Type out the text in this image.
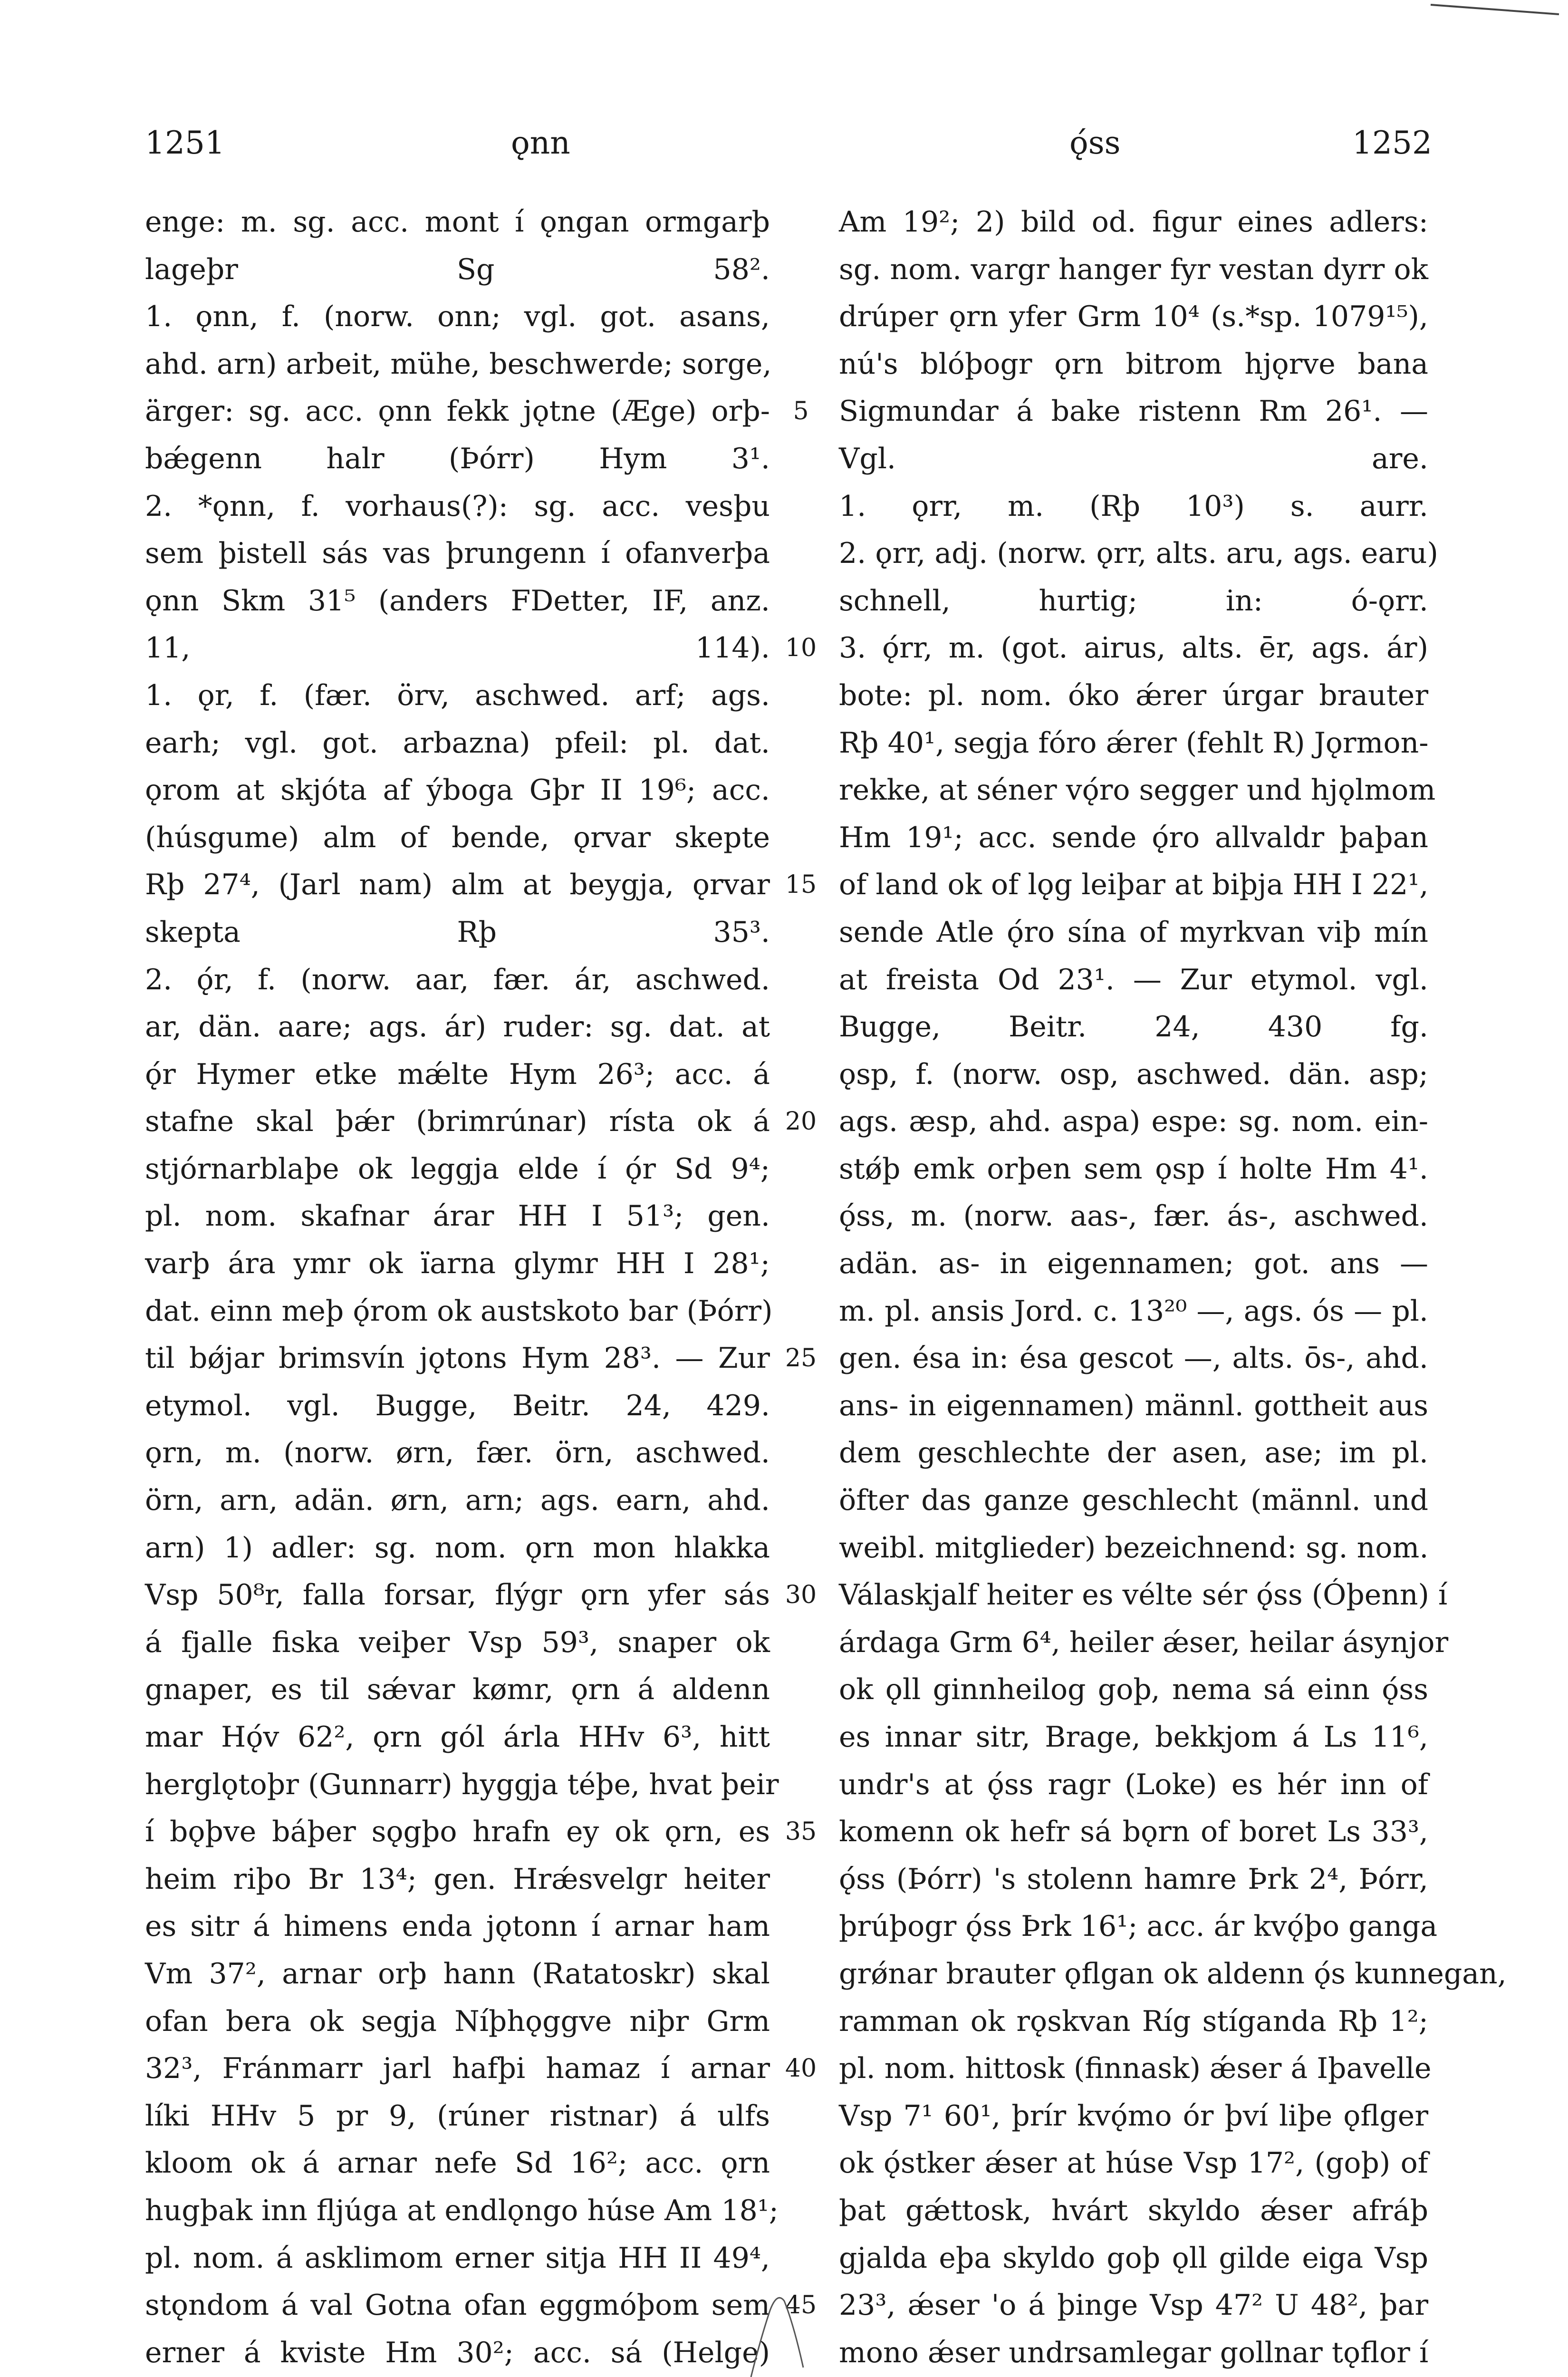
1251	ǫnn	ǫ́ss	1252
enge: m. sg. acc. mont í ǫngan ormgarþ
lageþr Sg 58².
1. ǫnn, f. (norw. onn; vgl. got. asans,
ahd. arn) arbeit, mühe, beschwerde; sorge,
ärger: sg. acc. ǫnn fekk jǫtne (Æge) orþ-
bǽgenn halr (Þórr) Hym 3¹.
2. *ǫnn, f. vorhaus(?): sg. acc. vesþu
sem þistell sás vas þrungenn í ofanverþa
ǫnn Skm 31⁵ (anders FDetter, IF, anz.
11, 114).
1. ǫr, f. (fær. örv, aschwed. arf; ags.
earh; vgl. got. arbazna) pfeil: pl. dat.
ǫrom at skjóta af ýboga Gþr II 19⁶; acc.
(húsgume) alm of bende, ǫrvar skepte
Rþ 27⁴, (Jarl nam) alm at beygja, ǫrvar
skepta Rþ 35³.
2. ǫ́r, f. (norw. aar, fær. ár, aschwed.
ar, dän. aare; ags. ár) ruder: sg. dat. at
ǫ́r Hymer etke mǽlte Hym 26³; acc. á
stafne skal þǽr (brimrúnar) rísta ok á
stjórnarblaþe ok leggja elde í ǫ́r Sd 9⁴;
pl. nom. skafnar árar HH I 51³; gen.
varþ ára ymr ok ïarna glymr HH I 28¹;
dat. einn meþ ǫ́rom ok austskoto bar (Þórr)
til bǿjar brimsvín jǫtons Hym 28³. — Zur
etymol. vgl. Bugge, Beitr. 24, 429.
ǫrn, m. (norw. ørn, fær. örn, aschwed.
örn, arn, adän. ørn, arn; ags. earn, ahd.
arn) 1) adler: sg. nom. ǫrn mon hlakka
Vsp 50⁸r, falla forsar, flýgr ǫrn yfer sás
á fjalle fiska veiþer Vsp 59³, snaper ok
gnaper, es til sǽvar kømr, ǫrn á aldenn
mar Hǫ́v 62², ǫrn gól árla HHv 6³, hitt
herglǫtoþr (Gunnarr) hyggja téþe, hvat þeir
í bǫþve báþer sǫgþo hrafn ey ok ǫrn, es
heim riþo Br 13⁴; gen. Hrǽsvelgr heiter
es sitr á himens enda jǫtonn í arnar ham
Vm 37², arnar orþ hann (Ratatoskr) skal
ofan bera ok segja Níþhǫggve niþr Grm
32³, Fránmarr jarl hafþi hamaz í arnar
líki HHv 5 pr 9, (rúner ristnar) á ulfs
kloom ok á arnar nefe Sd 16²; acc. ǫrn
hugþak inn fljúga at endlǫngo húse Am 18¹;
pl. nom. á asklimom erner sitja HH II 49⁴,
stǫndom á val Gotna ofan eggmóþom sem
erner á kviste Hm 30²; acc. sá (Helge)
5
10
15
20
25
30
35
40
45
Am 19²; 2) bild od. figur eines adlers:
sg. nom. vargr hanger fyr vestan dyrr ok
drúper ǫrn yfer Grm 10⁴ (s.*sp. 1079¹⁵),
nú's blóþogr ǫrn bitrom hjǫrve bana
Sigmundar á bake ristenn Rm 26¹. —
Vgl. are.
1. ǫrr, m. (Rþ 10³) s. aurr.
2. ǫrr, adj. (norw. ǫrr, alts. aru, ags. earu)
schnell, hurtig; in: ó-ǫrr.
3. ǫ́rr, m. (got. airus, alts. ēr, ags. ár)
bote: pl. nom. óko ǽrer úrgar brauter
Rþ 40¹, segja fóro ǽrer (fehlt R) Jǫrmon-
rekke, at séner vǫ́ro segger und hjǫlmom
Hm 19¹; acc. sende ǫ́ro allvaldr þaþan
of land ok of lǫg leiþar at biþja HH I 22¹,
sende Atle ǫ́ro sína of myrkvan viþ mín
at freista Od 23¹. — Zur etymol. vgl.
Bugge, Beitr. 24, 430 fg.
ǫsp, f. (norw. osp, aschwed. dän. asp;
ags. æsp, ahd. aspa) espe: sg. nom. ein-
stǿþ emk orþen sem ǫsp í holte Hm 4¹.
ǫ́ss, m. (norw. aas-, fær. ás-, aschwed.
adän. as- in eigennamen; got. ans —
m. pl. ansis Jord. c. 13²⁰ —, ags. ós — pl.
gen. ésa in: ésa gescot —, alts. ōs-, ahd.
ans- in eigennamen) männl. gottheit aus
dem geschlechte der asen, ase; im pl.
öfter das ganze geschlecht (männl. und
weibl. mitglieder) bezeichnend: sg. nom.
Válaskjalf heiter es vélte sér ǫ́ss (Óþenn) í
árdaga Grm 6⁴, heiler ǽser, heilar ásynjor
ok ǫll ginnheilog goþ, nema sá einn ǫ́ss
es innar sitr, Brage, bekkjom á Ls 11⁶,
undr's at ǫ́ss ragr (Loke) es hér inn of
komenn ok hefr sá bǫrn of boret Ls 33³,
ǫ́ss (Þórr) 's stolenn hamre Þrk 2⁴, Þórr,
þrúþogr ǫ́ss Þrk 16¹; acc. ár kvǫ́þo ganga
grǿnar brauter ǫflgan ok aldenn ǫ́s kunnegan,
ramman ok rǫskvan Ríg stíganda Rþ 1²;
pl. nom. hittosk (finnask) ǽser á Iþavelle
Vsp 7¹ 60¹, þrír kvǫ́mo ór því liþe ǫflger
ok ǫ́stker ǽser at húse Vsp 17², (goþ) of
þat gǽttosk, hvárt skyldo ǽser afráþ
gjalda eþa skyldo goþ ǫll gilde eiga Vsp
23³, ǽser 'o á þinge Vsp 47² U 48², þar
mono ǽser undrsamlegar gollnar tǫflor í
